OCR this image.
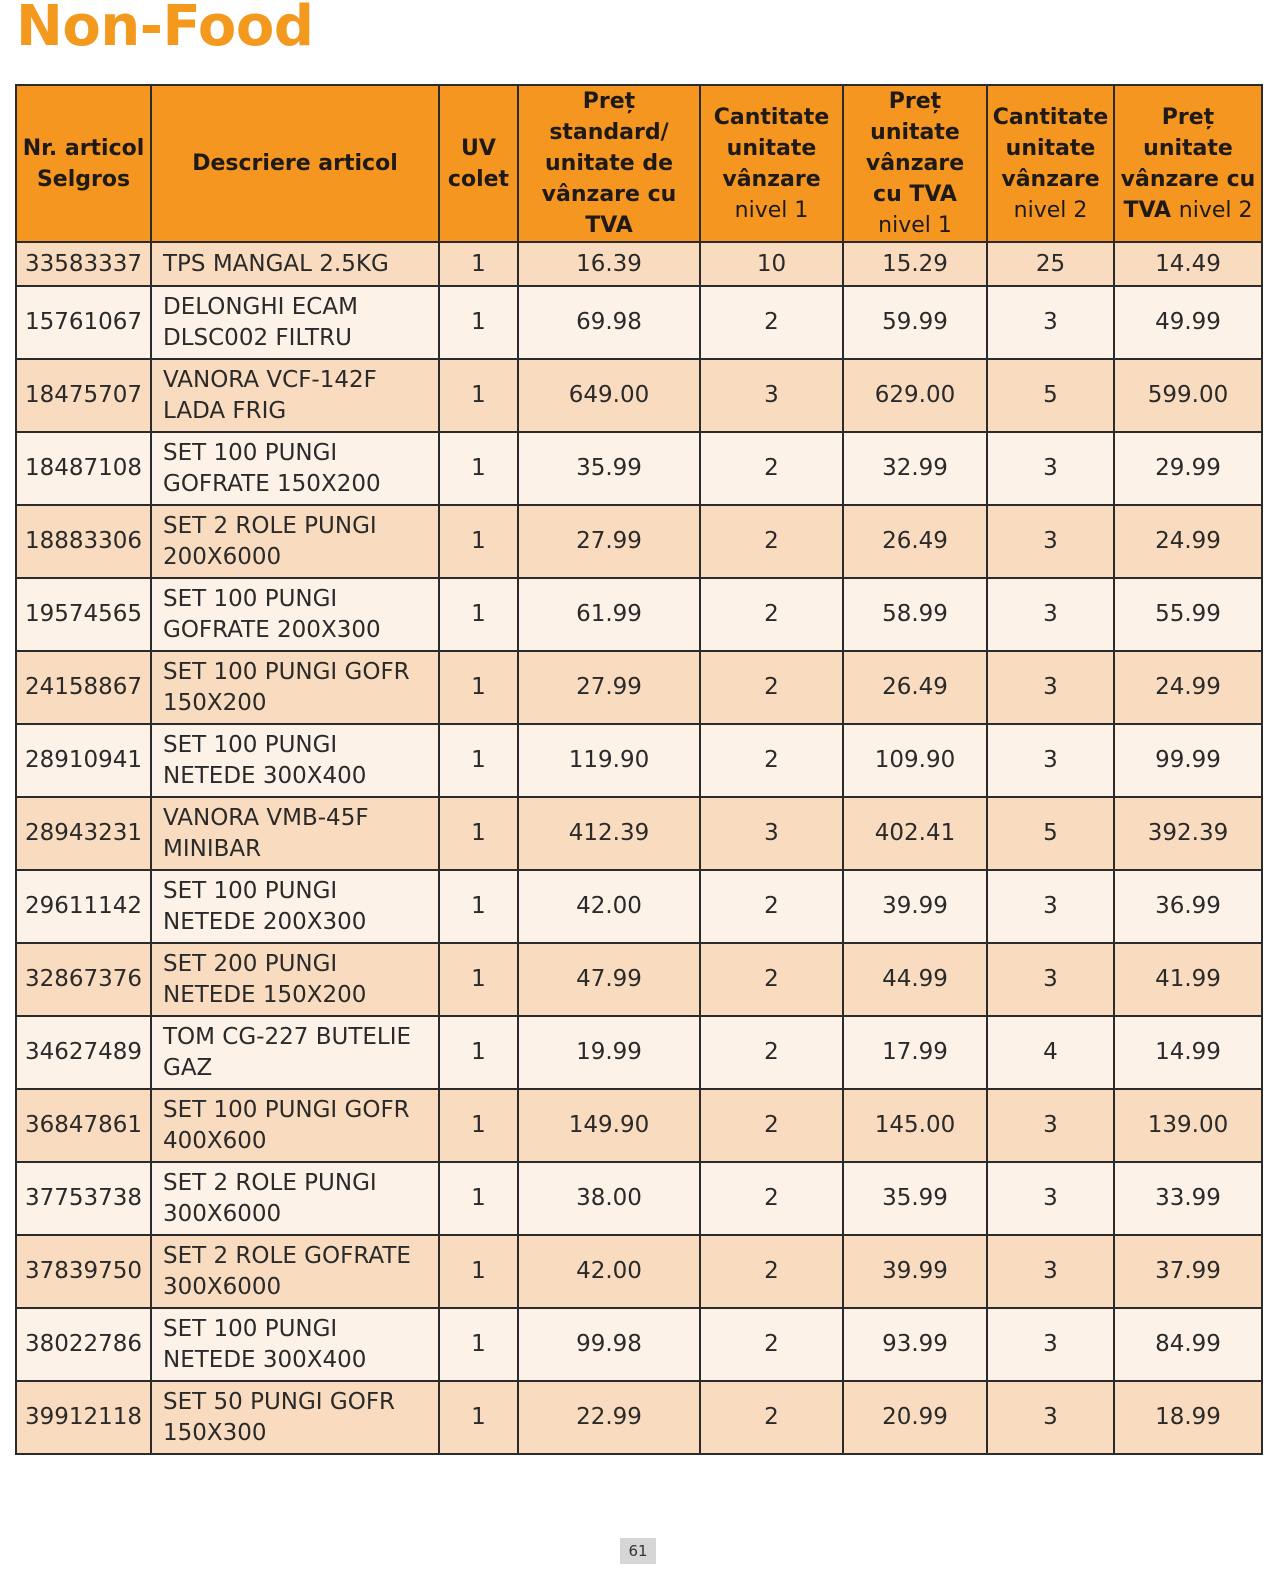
Non-Food
Nr. articol Selgros	Descriere articol	UV colet	Preț standard/ unitate de vânzare cu TVA	Cantitate unitate vânzare nivel 1	Preț unitate vânzare cu TVA nivel 1	Cantitate unitate vânzare nivel 2	Preț unitate vânzare cu TVA nivel 2
33583337	TPS MANGAL 2.5KG	1	16.39	10	15.29	25	14.49
15761067	DELONGHI ECAM DLSC002 FILTRU	1	69.98	2	59.99	3	49.99
18475707	VANORA VCF-142F LADA FRIG	1	649.00	3	629.00	5	599.00
18487108	SET 100 PUNGI GOFRATE 150X200	1	35.99	2	32.99	3	29.99
18883306	SET 2 ROLE PUNGI 200X6000	1	27.99	2	26.49	3	24.99
19574565	SET 100 PUNGI GOFRATE 200X300	1	61.99	2	58.99	3	55.99
24158867	SET 100 PUNGI GOFR 150X200	1	27.99	2	26.49	3	24.99
28910941	SET 100 PUNGI NETEDE 300X400	1	119.90	2	109.90	3	99.99
28943231	VANORA VMB-45F MINIBAR	1	412.39	3	402.41	5	392.39
29611142	SET 100 PUNGI NETEDE 200X300	1	42.00	2	39.99	3	36.99
32867376	SET 200 PUNGI NETEDE 150X200	1	47.99	2	44.99	3	41.99
34627489	TOM CG-227 BUTELIE GAZ	1	19.99	2	17.99	4	14.99
36847861	SET 100 PUNGI GOFR 400X600	1	149.90	2	145.00	3	139.00
37753738	SET 2 ROLE PUNGI 300X6000	1	38.00	2	35.99	3	33.99
37839750	SET 2 ROLE GOFRATE 300X6000	1	42.00	2	39.99	3	37.99
38022786	SET 100 PUNGI NETEDE 300X400	1	99.98	2	93.99	3	84.99
39912118	SET 50 PUNGI GOFR 150X300	1	22.99	2	20.99	3	18.99
61
